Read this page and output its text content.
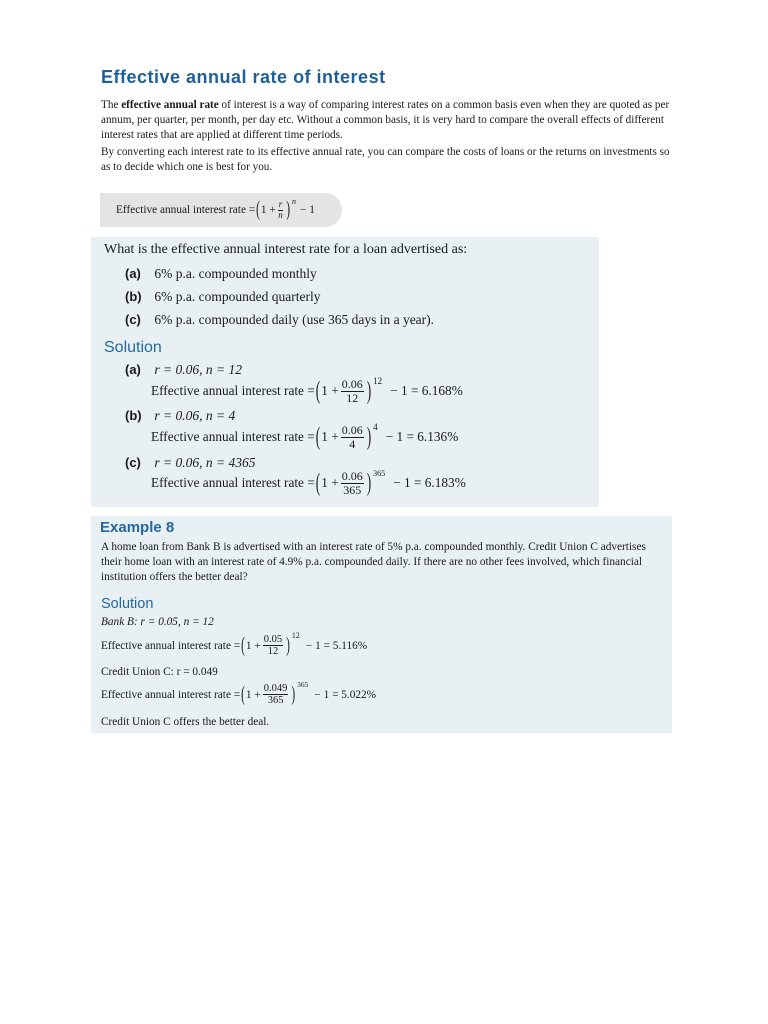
Effective annual rate of interest

The effective annual rate of interest is a way of comparing interest rates on a common basis even when they are quoted as per annum, per quarter, per month, per day etc. Without a common basis, it is very hard to compare the overall effects of different interest rates that are applied at different time periods.

By converting each interest rate to its effective annual rate, you can compare the costs of loans or the returns on investments so as to decide which one is best for you.

Effective annual interest rate = ( $1 + \frac{r}{n}$ ) n
− 1
What is the effective annual interest rate for a loan advertised as:
(a) 6% p.a. compounded monthly
(b) 6% p.a. compounded quarterly
(c) 6% p.a. compounded daily (use 365 days in a year).
Solution
(a) r = 0.06, n = 12
Effective annual interest rate = ( $1 + \frac{0.06}{12}$ ) 12
− 1 = 6.168%
(b) r = 0.06, n = 4
Effective annual interest rate = ( $1 + \frac{0.06}{4}$ ) 4
− 1 = 6.136%
(c) r = 0.06, n = 4365
Effective annual interest rate = ( $1 + \frac{0.06}{365}$ ) 365
− 1 = 6.183%
Example 8
A home loan from Bank B is advertised with an interest rate of 5% p.a. compounded monthly. Credit Union C advertises their home loan with an interest rate of 4.9% p.a. compounded daily. If there are no other fees involved, which financial institution offers the better deal?
Solution
Bank B: r = 0.05, n = 12
Effective annual interest rate = ( $1 + \frac{0.05}{12}$ ) 12
− 1 = 5.116%
Credit Union C: r = 0.049
Effective annual interest rate = ( $1 + \frac{0.049}{365}$ ) 365
− 1 = 5.022%
Credit Union C offers the better deal.
